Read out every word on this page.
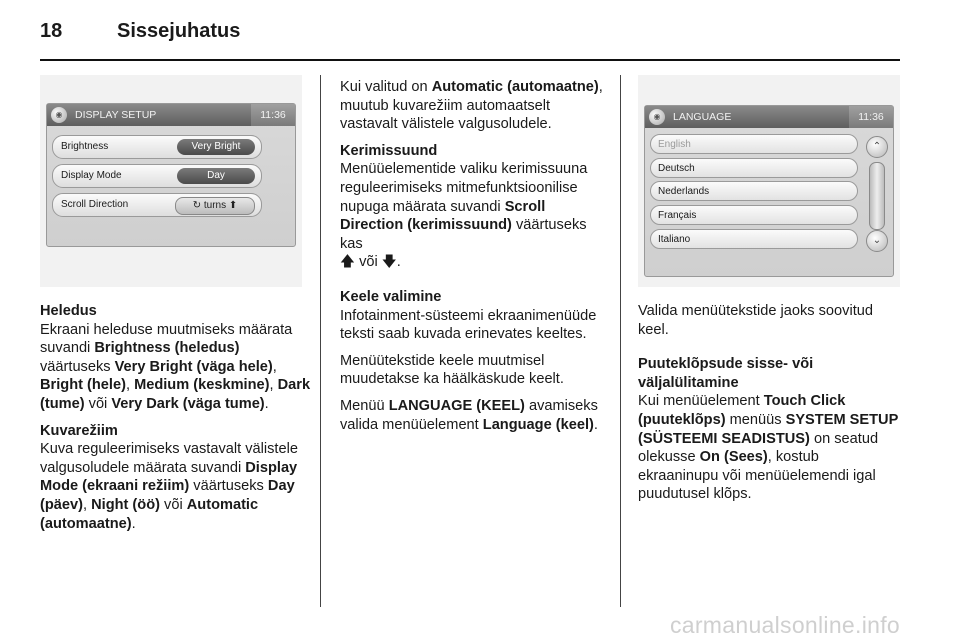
18	Sissejuhatus
◉	DISPLAY SETUP	11:36
Brightness	Very Bright
Display Mode	Day
Scroll Direction	↻ turns ⬆
◉	LANGUAGE	11:36
English
Deutsch
Nederlands
Français
Italiano
⌃
⌄

Heledus
Ekraani heleduse muutmiseks määrata suvandi Brightness (heledus) väärtuseks Very Bright (väga hele), Bright (hele), Medium (keskmine), Dark (tume) või Very Dark (väga tume).

Kuvarežiim
Kuva reguleerimiseks vastavalt välistele valgusoludele määrata suvandi Display Mode (ekraani režiim) väärtuseks Day (päev), Night (öö) või Automatic (automaatne).

Kui valitud on Automatic (automaatne), muutub kuvarežiim automaatselt vastavalt välistele valgusoludele.

Kerimissuund
Menüüelementide valiku kerimissuuna reguleerimiseks mitmefunktsioonilise nupuga määrata suvandi Scroll Direction (kerimissuund) väärtuseks kas
🡅 või 🡇.

Keele valimine
Infotainment-süsteemi ekraanimenüüde teksti saab kuvada erinevates keeltes.

Menüütekstide keele muutmisel muudetakse ka häälkäskude keelt.

Menüü LANGUAGE (KEEL) avamiseks valida menüüelement Language (keel).

Valida menüütekstide jaoks soovitud keel.

Puuteklõpsude sisse- või väljalülitamine
Kui menüüelement Touch Click (puuteklõps) menüüs SYSTEM SETUP (SÜSTEEMI SEADISTUS) on seatud olekusse On (Sees), kostub ekraaninupu või menüüelemendi igal puudutusel klõps.

carmanualsonline.info
